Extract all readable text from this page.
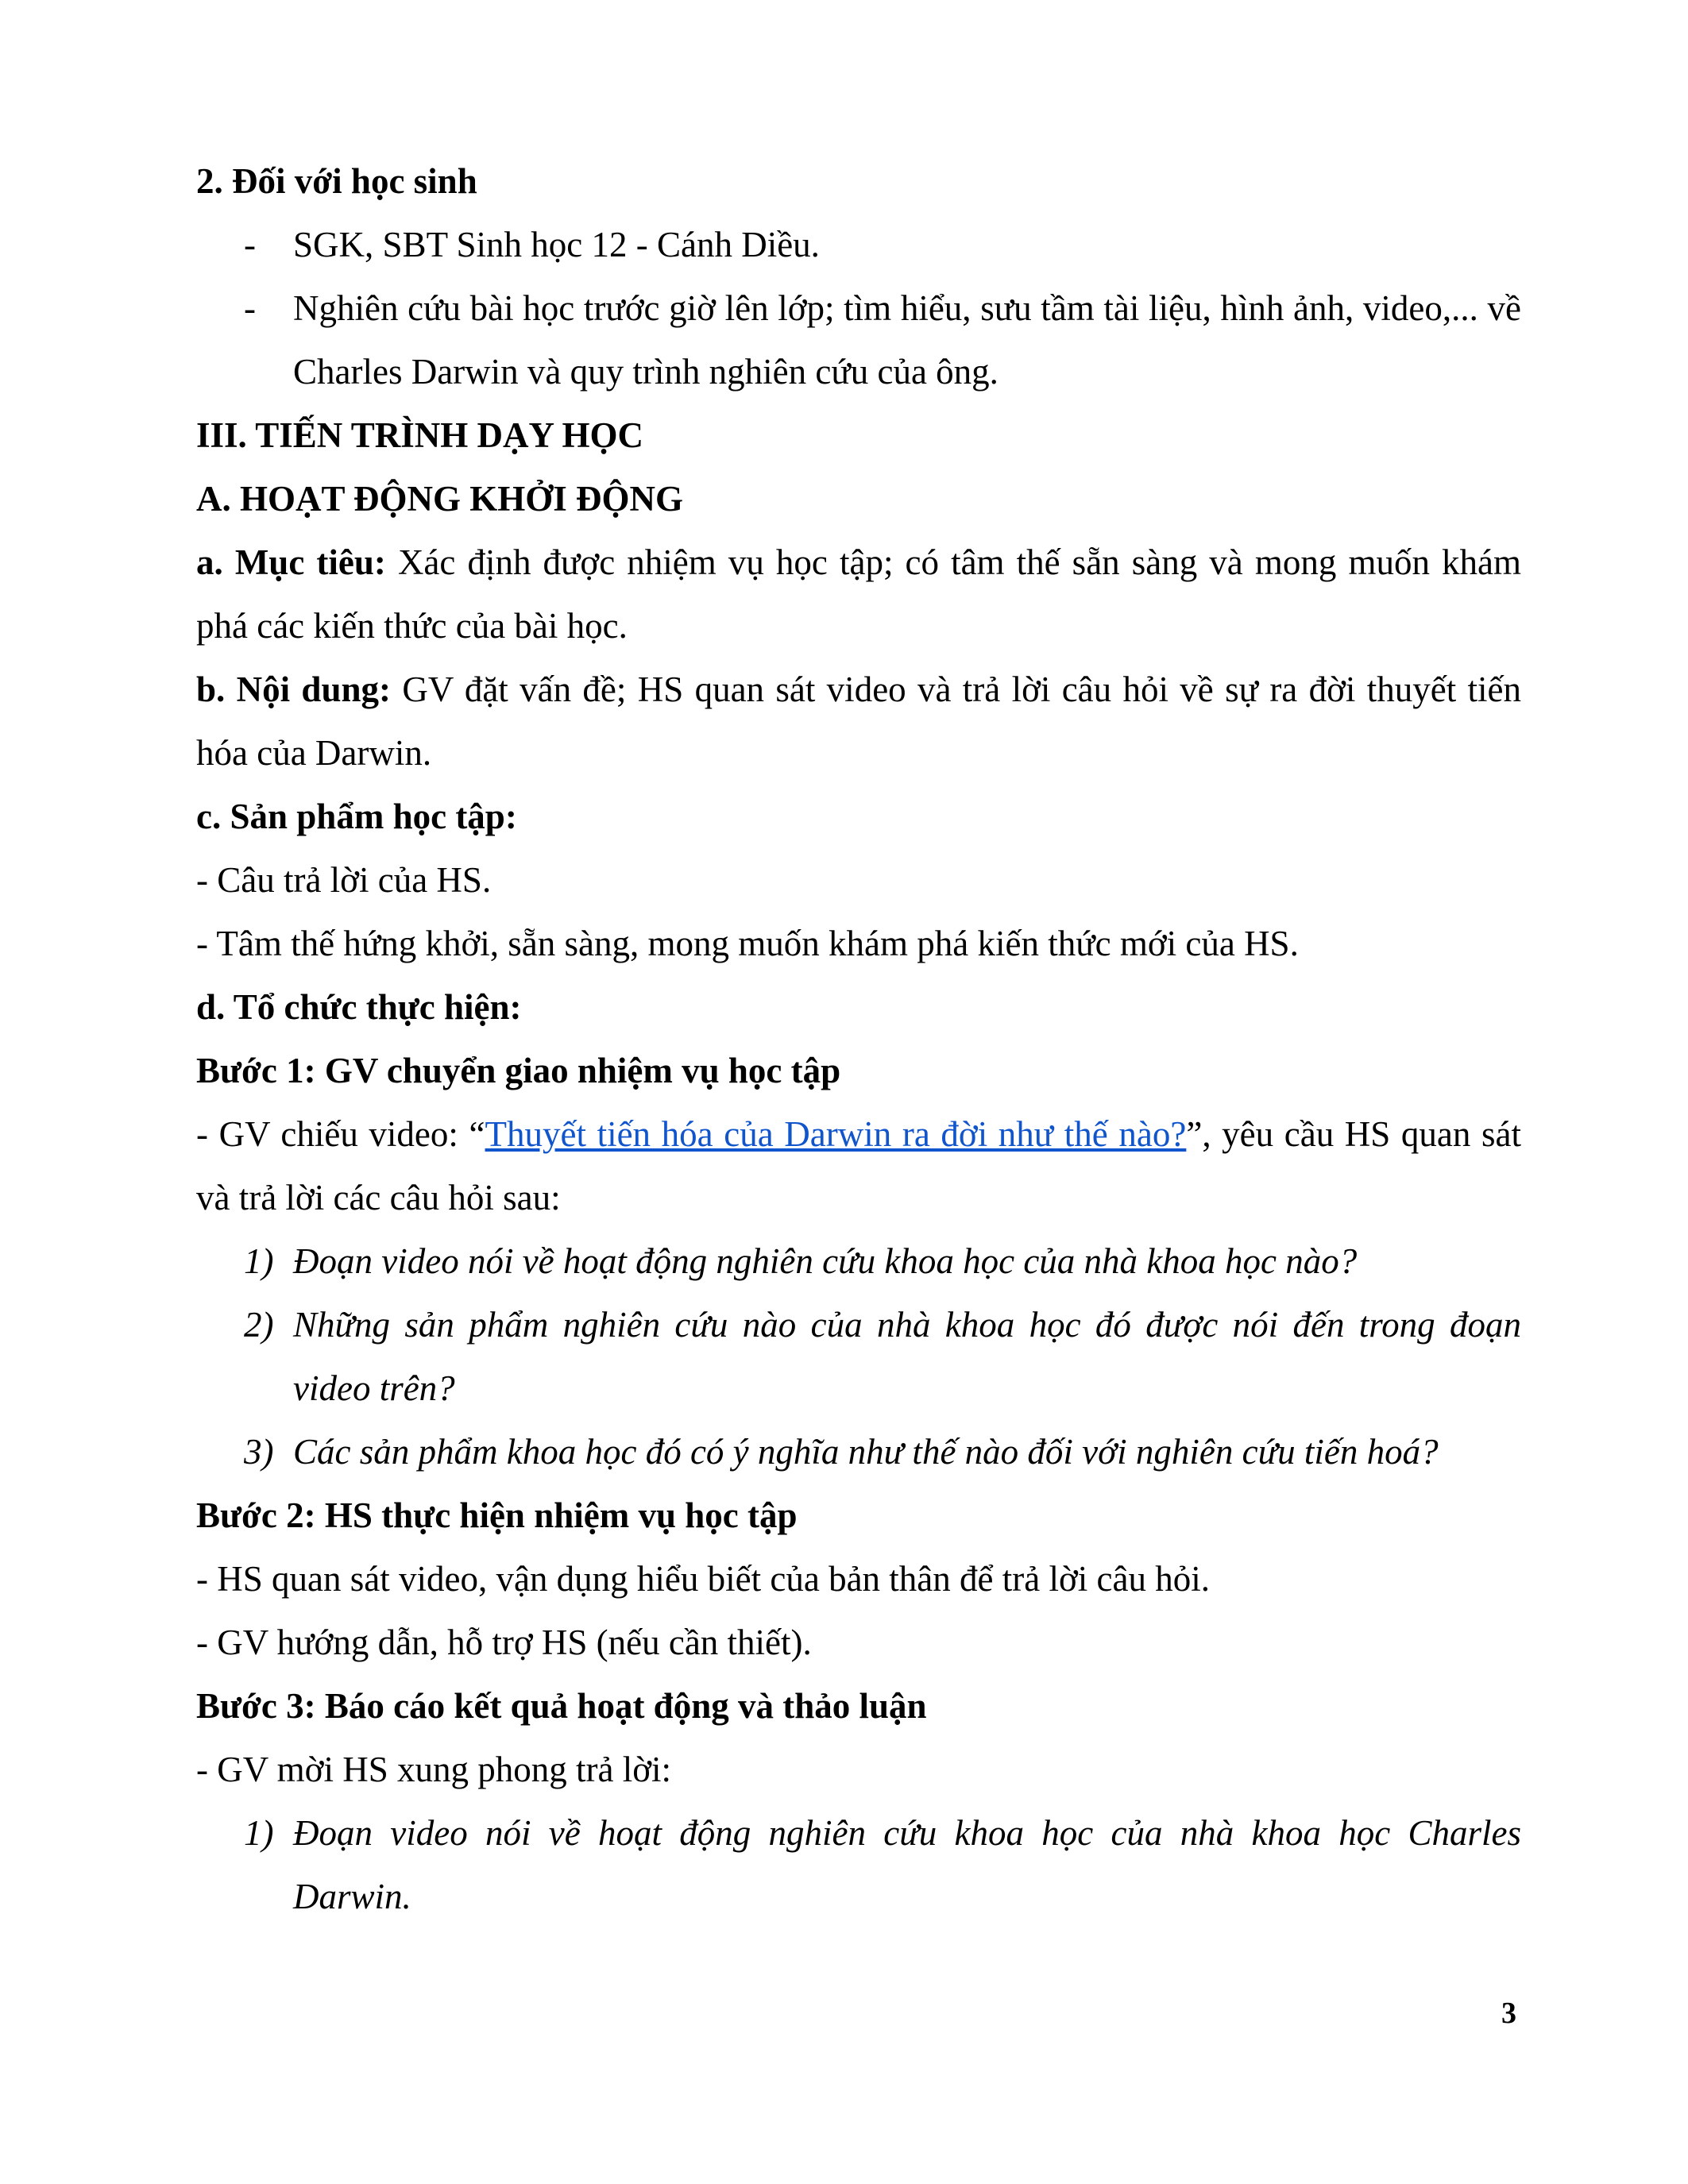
2. Đối với học sinh

-	SGK, SBT Sinh học 12 - Cánh Diều.
-	Nghiên cứu bài học trước giờ lên lớp; tìm hiểu, sưu tầm tài liệu, hình ảnh, video,... về Charles Darwin và quy trình nghiên cứu của ông.

III. TIẾN TRÌNH DẠY HỌC

A. HOẠT ĐỘNG KHỞI ĐỘNG

a. Mục tiêu: Xác định được nhiệm vụ học tập; có tâm thế sẵn sàng và mong muốn khám phá các kiến thức của bài học.

b. Nội dung: GV đặt vấn đề; HS quan sát video và trả lời câu hỏi về sự ra đời thuyết tiến hóa của Darwin.

c. Sản phẩm học tập:

- Câu trả lời của HS.

- Tâm thế hứng khởi, sẵn sàng, mong muốn khám phá kiến thức mới của HS.

d. Tổ chức thực hiện:

Bước 1: GV chuyển giao nhiệm vụ học tập

- GV chiếu video: “Thuyết tiến hóa của Darwin ra đời như thế nào?”, yêu cầu HS quan sát và trả lời các câu hỏi sau:

1) Đoạn video nói về hoạt động nghiên cứu khoa học của nhà khoa học nào?
2) Những sản phẩm nghiên cứu nào của nhà khoa học đó được nói đến trong đoạn video trên?
3) Các sản phẩm khoa học đó có ý nghĩa như thế nào đối với nghiên cứu tiến hoá?

Bước 2: HS thực hiện nhiệm vụ học tập

- HS quan sát video, vận dụng hiểu biết của bản thân để trả lời câu hỏi.

- GV hướng dẫn, hỗ trợ HS (nếu cần thiết).

Bước 3: Báo cáo kết quả hoạt động và thảo luận

- GV mời HS xung phong trả lời:

1) Đoạn video nói về hoạt động nghiên cứu khoa học của nhà khoa học Charles Darwin.
3
